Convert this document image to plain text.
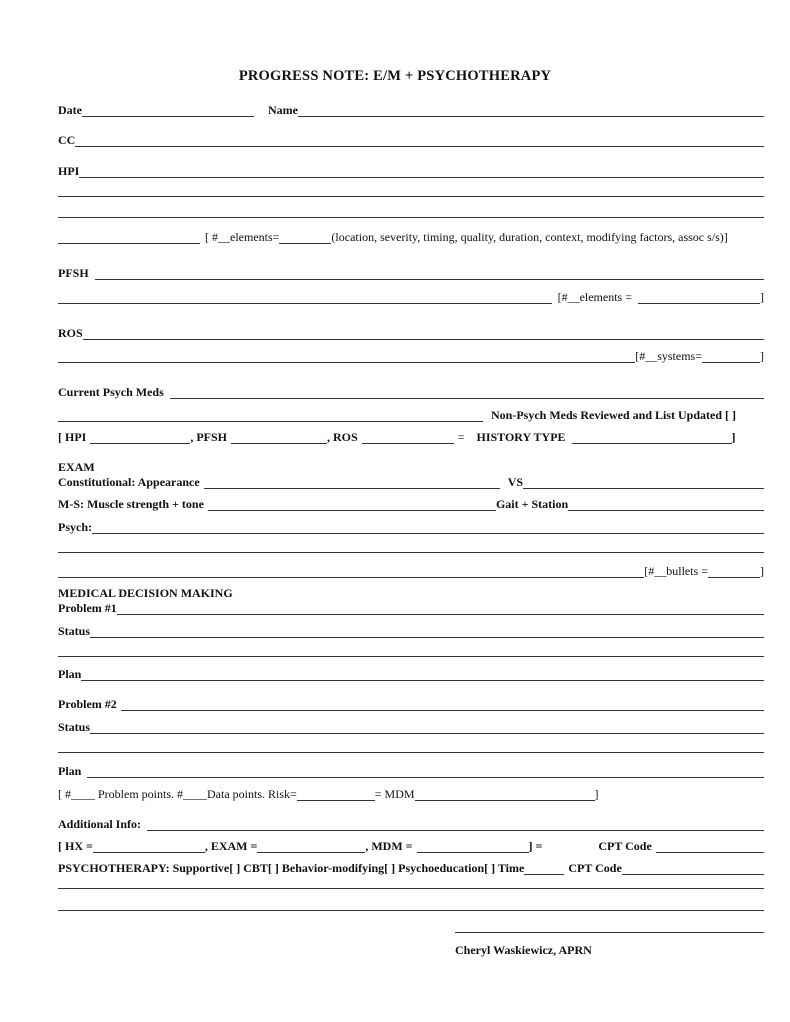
PROGRESS NOTE: E/M + PSYCHOTHERAPY
Date	Name
CC
HPI
[ #__elements=	(location, severity, timing, quality, duration, context, modifying factors, assoc s/s)]
PFSH
[#__elements =	]
ROS
[#__systems=	]
Current Psych Meds
Non-Psych Meds Reviewed and List Updated [ ]
[ HPI	, PFSH	, ROS	= HISTORY TYPE	]
EXAM
Constitutional: Appearance	VS
M-S: Muscle strength + tone	Gait + Station
Psych:
[#__bullets =	]
MEDICAL DECISION MAKING
Problem #1
Status
Plan
Problem #2
Status
Plan
[ #____ Problem points. #____Data points. Risk=	= MDM	]
Additional Info:
[ HX =	, EXAM =	, MDM =	] =	CPT Code
PSYCHOTHERAPY: Supportive[ ] CBT[ ] Behavior-modifying[ ] Psychoeducation[ ] Time	CPT Code
Cheryl Waskiewicz, APRN
